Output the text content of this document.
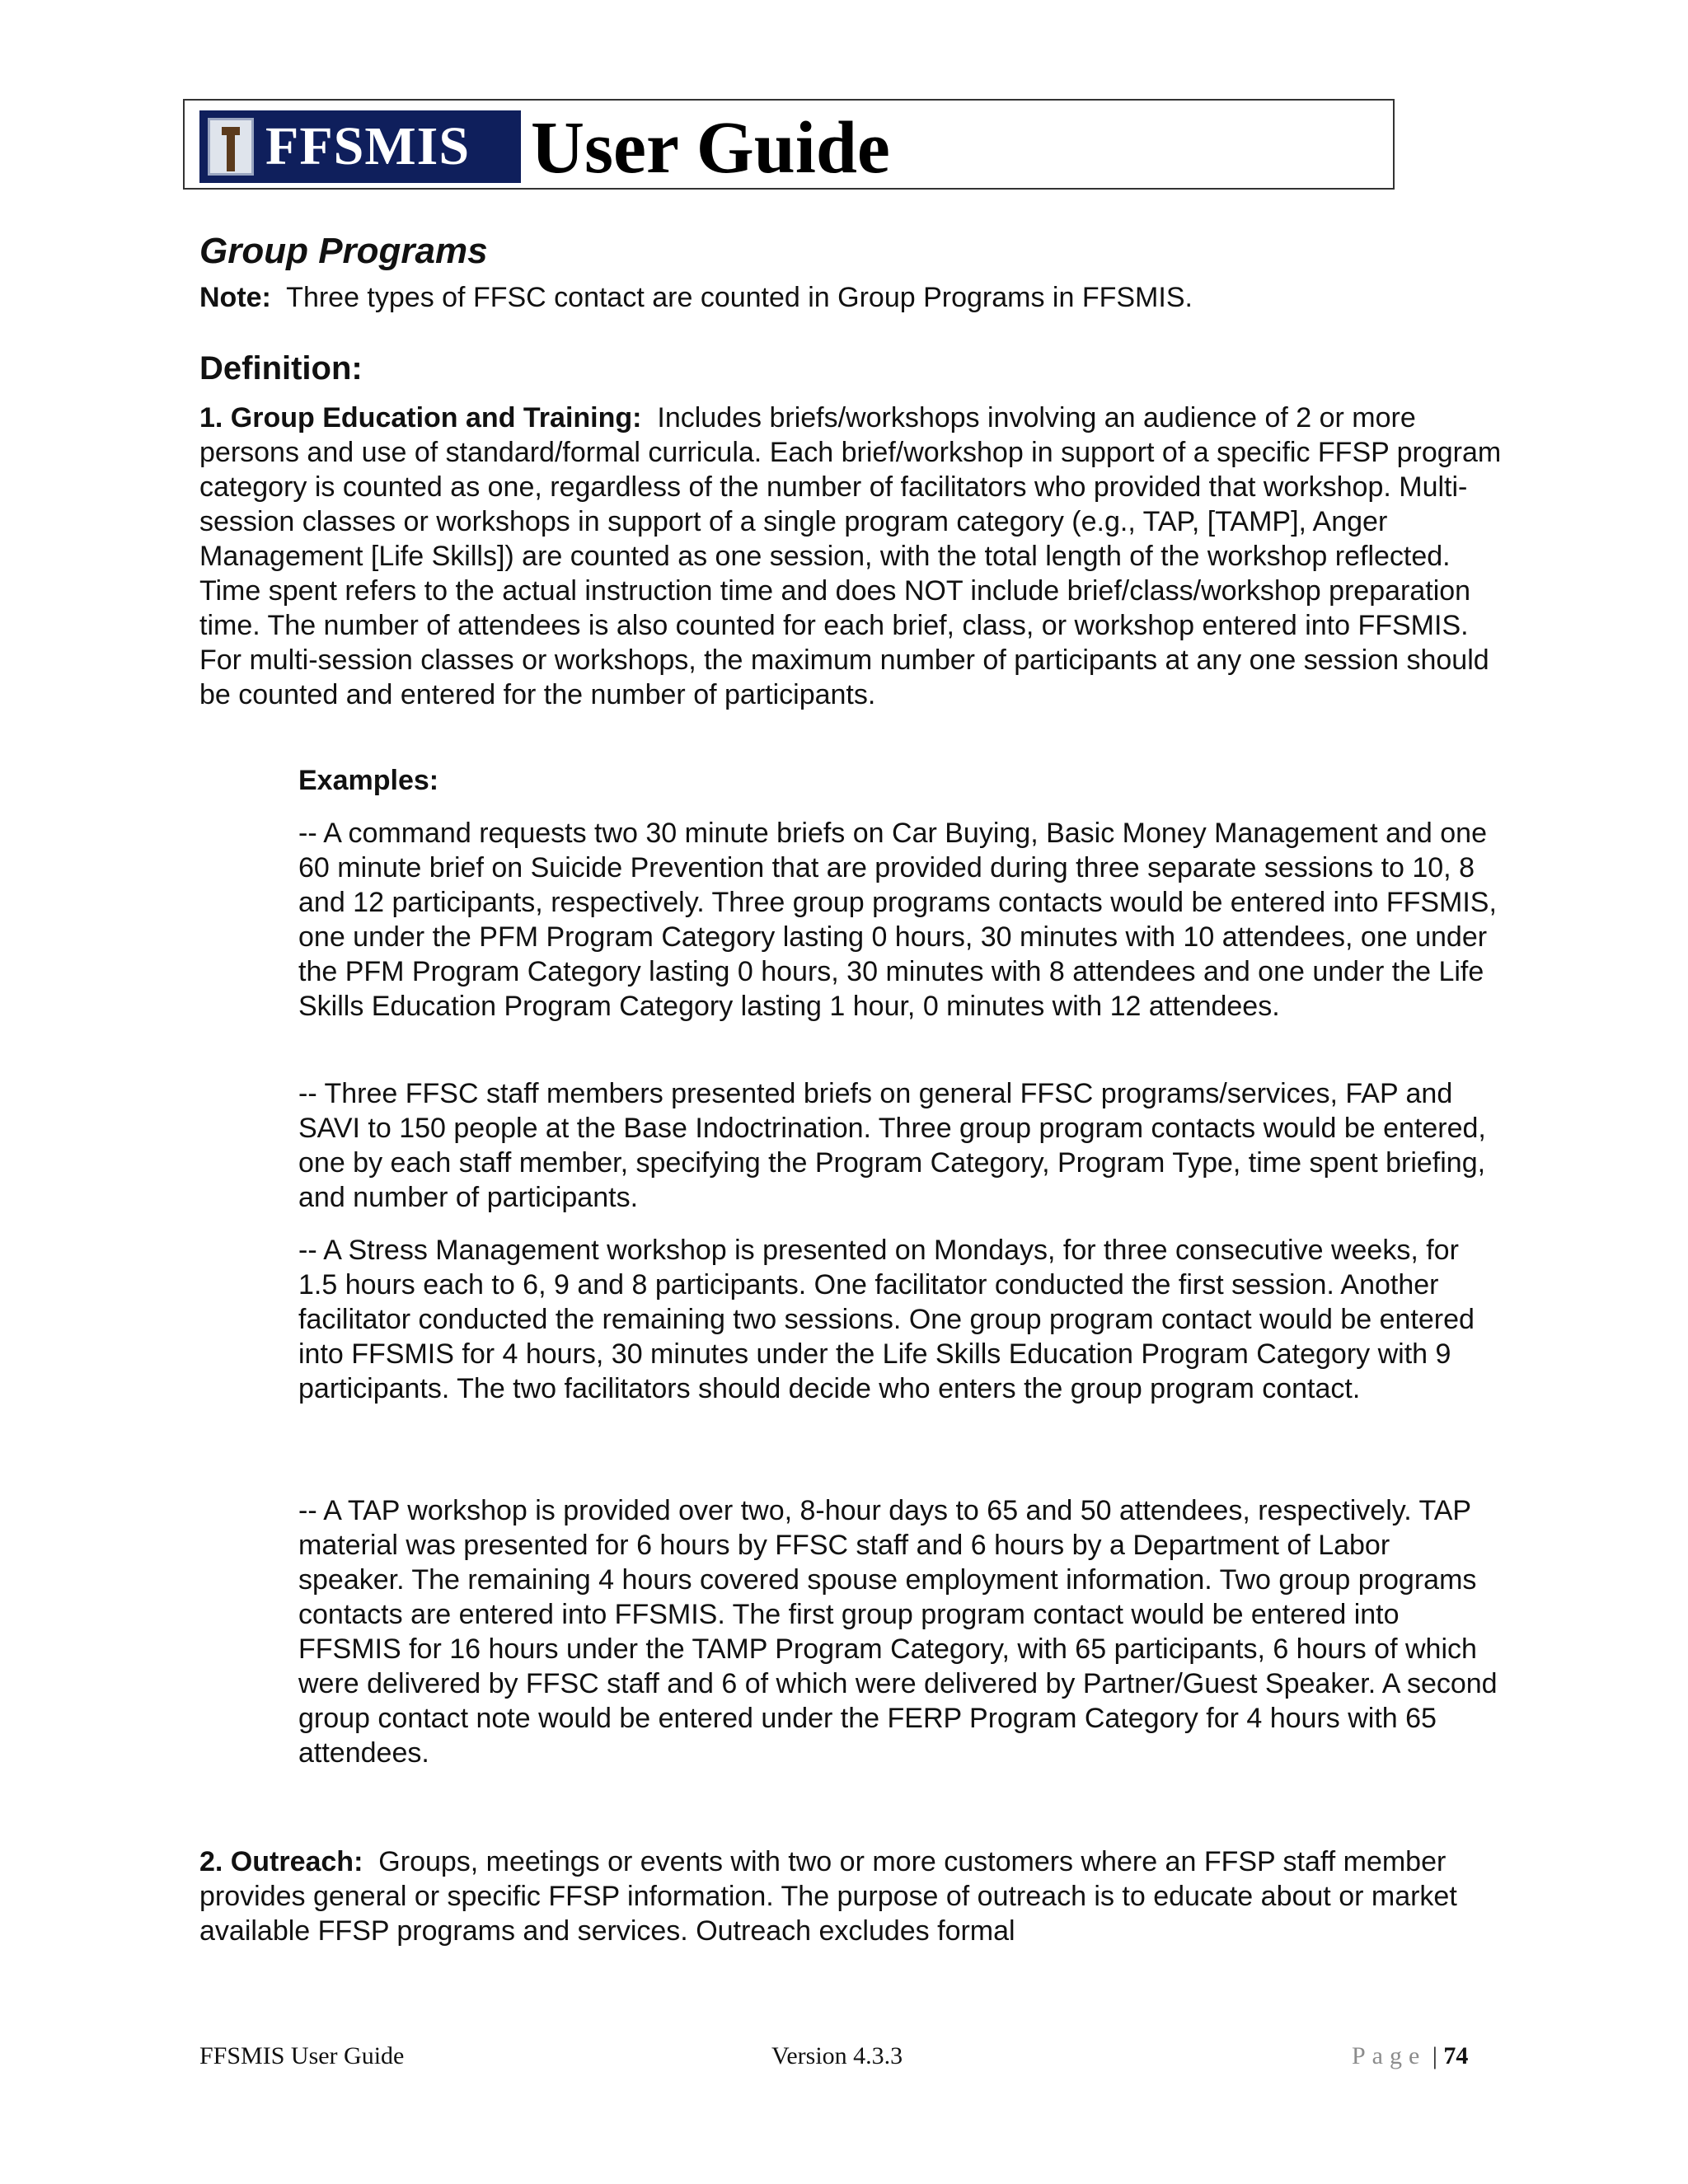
FFSMIS User Guide
Group Programs

Note: Three types of FFSC contact are counted in Group Programs in FFSMIS.

Definition:

1. Group Education and Training: Includes briefs/workshops involving an audience of 2 or more persons and use of standard/formal curricula. Each brief/workshop in support of a specific FFSP program category is counted as one, regardless of the number of facilitators who provided that workshop. Multi-session classes or workshops in support of a single program category (e.g., TAP, [TAMP], Anger Management [Life Skills]) are counted as one session, with the total length of the workshop reflected. Time spent refers to the actual instruction time and does NOT include brief/class/workshop preparation time. The number of attendees is also counted for each brief, class, or workshop entered into FFSMIS. For multi-session classes or workshops, the maximum number of participants at any one session should be counted and entered for the number of participants.

Examples:

-- A command requests two 30 minute briefs on Car Buying, Basic Money Management and one 60 minute brief on Suicide Prevention that are provided during three separate sessions to 10, 8 and 12 participants, respectively. Three group programs contacts would be entered into FFSMIS, one under the PFM Program Category lasting 0 hours, 30 minutes with 10 attendees, one under the PFM Program Category lasting 0 hours, 30 minutes with 8 attendees and one under the Life Skills Education Program Category lasting 1 hour, 0 minutes with 12 attendees.

-- Three FFSC staff members presented briefs on general FFSC programs/services, FAP and SAVI to 150 people at the Base Indoctrination. Three group program contacts would be entered, one by each staff member, specifying the Program Category, Program Type, time spent briefing, and number of participants.

-- A Stress Management workshop is presented on Mondays, for three consecutive weeks, for 1.5 hours each to 6, 9 and 8 participants. One facilitator conducted the first session. Another facilitator conducted the remaining two sessions. One group program contact would be entered into FFSMIS for 4 hours, 30 minutes under the Life Skills Education Program Category with 9 participants. The two facilitators should decide who enters the group program contact.

-- A TAP workshop is provided over two, 8-hour days to 65 and 50 attendees, respectively. TAP material was presented for 6 hours by FFSC staff and 6 hours by a Department of Labor speaker. The remaining 4 hours covered spouse employment information. Two group programs contacts are entered into FFSMIS. The first group program contact would be entered into FFSMIS for 16 hours under the TAMP Program Category, with 65 participants, 6 hours of which were delivered by FFSC staff and 6 of which were delivered by Partner/Guest Speaker. A second group contact note would be entered under the FERP Program Category for 4 hours with 65 attendees.

2. Outreach: Groups, meetings or events with two or more customers where an FFSP staff member provides general or specific FFSP information. The purpose of outreach is to educate about or market available FFSP programs and services. Outreach excludes formal

FFSMIS User Guide	Version 4.3.3	Page | 74
